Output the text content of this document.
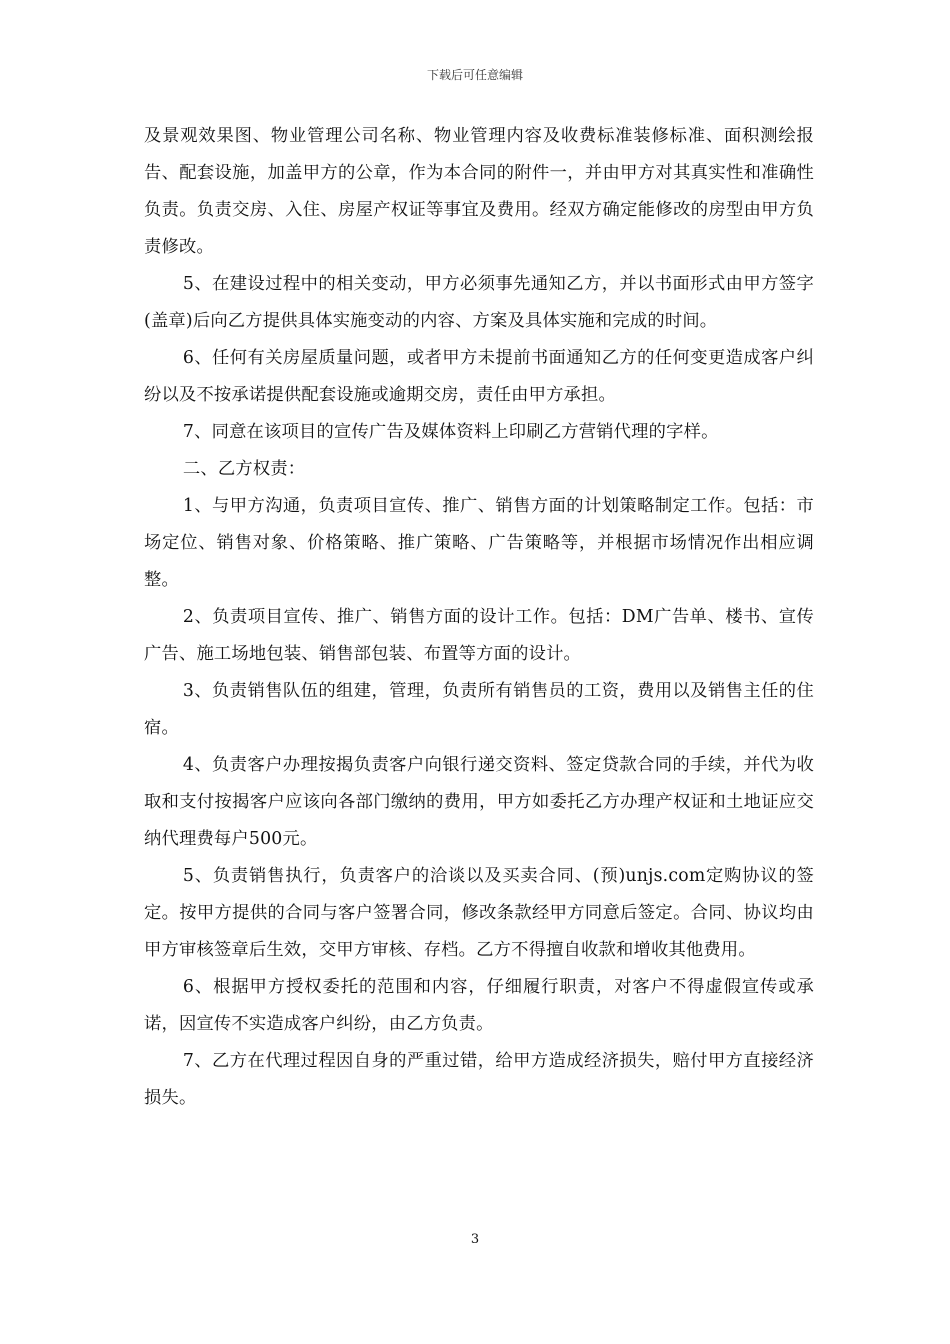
下载后可任意编辑

及景观效果图、物业管理公司名称、物业管理内容及收费标准装修标准、面积测绘报告、配套设施，加盖甲方的公章，作为本合同的附件一，并由甲方对其真实性和准确性负责。负责交房、入住、房屋产权证等事宜及费用。经双方确定能修改的房型由甲方负责修改。

5、在建设过程中的相关变动，甲方必须事先通知乙方，并以书面形式由甲方签字(盖章)后向乙方提供具体实施变动的内容、方案及具体实施和完成的时间。

6、任何有关房屋质量问题，或者甲方未提前书面通知乙方的任何变更造成客户纠纷以及不按承诺提供配套设施或逾期交房，责任由甲方承担。

7、同意在该项目的宣传广告及媒体资料上印刷乙方营销代理的字样。

二、乙方权责：

1、与甲方沟通，负责项目宣传、推广、销售方面的计划策略制定工作。包括：市场定位、销售对象、价格策略、推广策略、广告策略等，并根据市场情况作出相应调整。

2、负责项目宣传、推广、销售方面的设计工作。包括：DM广告单、楼书、宣传广告、施工场地包装、销售部包装、布置等方面的设计。

3、负责销售队伍的组建，管理，负责所有销售员的工资，费用以及销售主任的住宿。

4、负责客户办理按揭负责客户向银行递交资料、签定贷款合同的手续，并代为收取和支付按揭客户应该向各部门缴纳的费用，甲方如委托乙方办理产权证和土地证应交纳代理费每户500元。

5、负责销售执行，负责客户的洽谈以及买卖合同、(预)unjs.com定购协议的签定。按甲方提供的合同与客户签署合同，修改条款经甲方同意后签定。合同、协议均由甲方审核签章后生效，交甲方审核、存档。乙方不得擅自收款和增收其他费用。

6、根据甲方授权委托的范围和内容，仔细履行职责，对客户不得虚假宣传或承诺，因宣传不实造成客户纠纷，由乙方负责。

7、乙方在代理过程因自身的严重过错，给甲方造成经济损失，赔付甲方直接经济损失。

3
